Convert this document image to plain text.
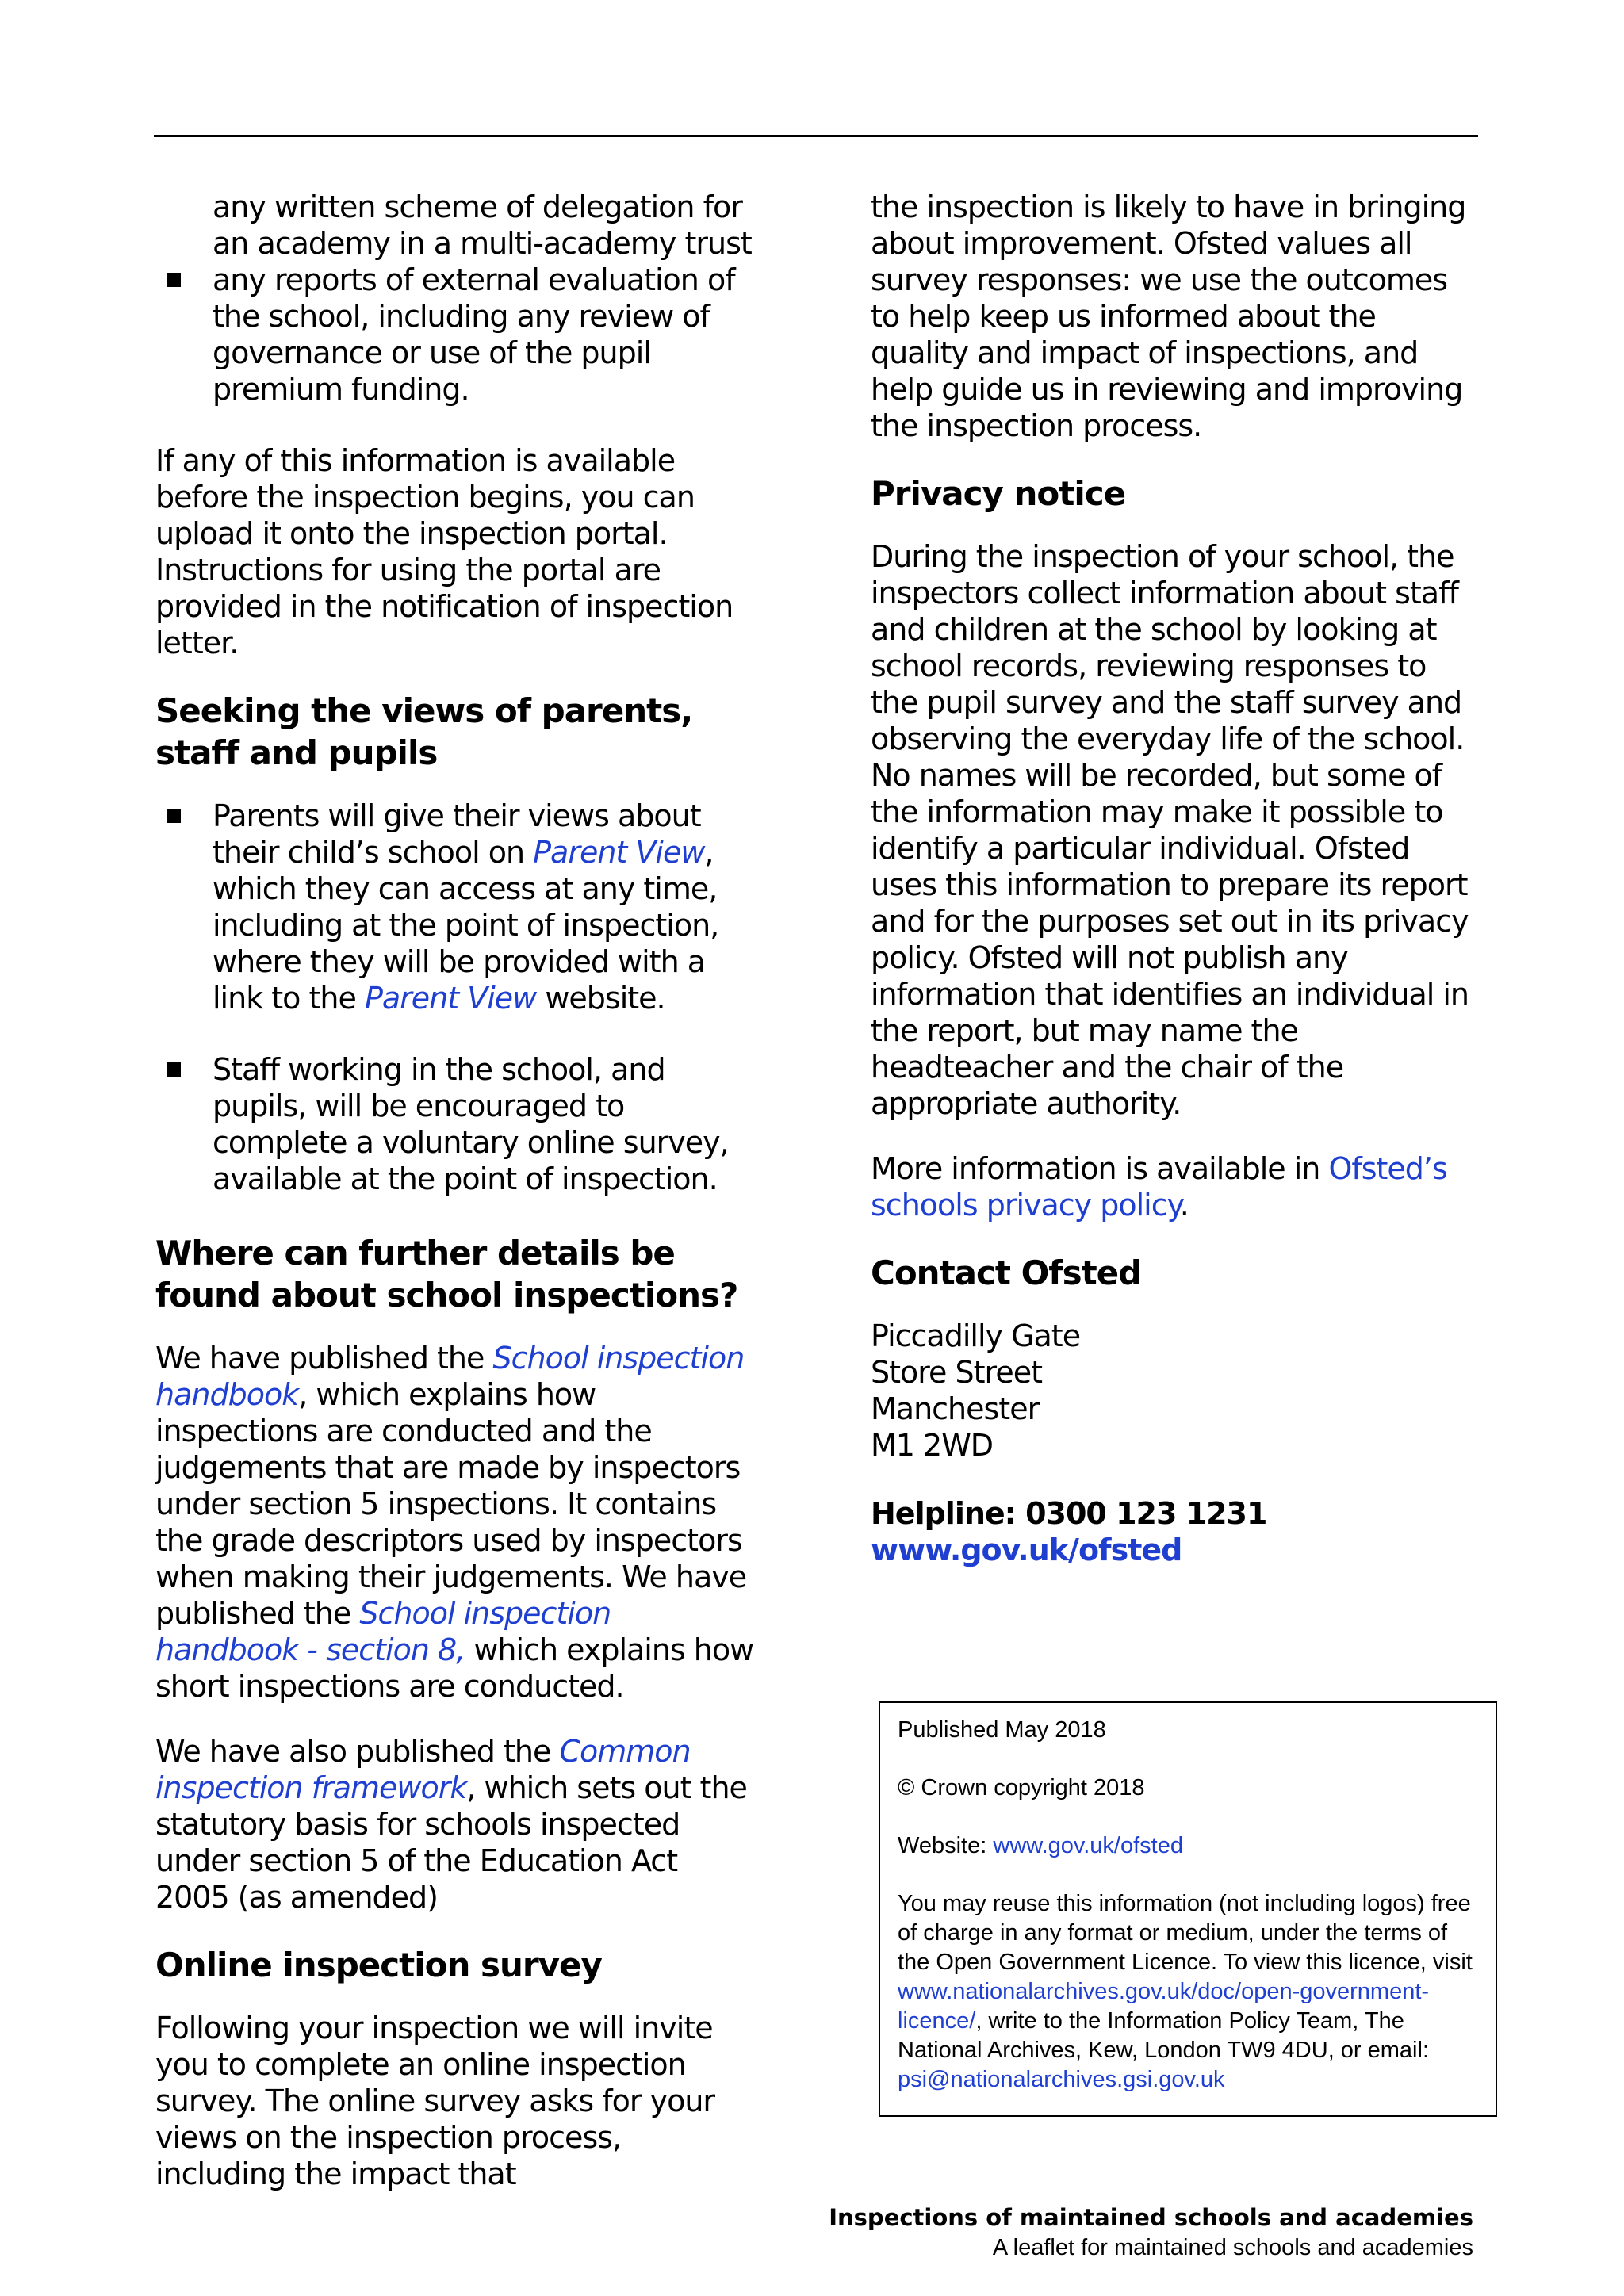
any written scheme of delegation for an academy in a multi-academy trust
any reports of external evaluation of the school, including any review of governance or use of the pupil premium funding.

If any of this information is available before the inspection begins, you can upload it onto the inspection portal. Instructions for using the portal are provided in the notification of inspection letter.

Seeking the views of parents, staff and pupils
Parents will give their views about their child’s school on Parent View, which they can access at any time, including at the point of inspection, where they will be provided with a link to the Parent View website.
Staff working in the school, and pupils, will be encouraged to complete a voluntary online survey, available at the point of inspection.
Where can further details be found about school inspections?

We have published the School inspection handbook, which explains how inspections are conducted and the judgements that are made by inspectors under section 5 inspections. It contains the grade descriptors used by inspectors when making their judgements. We have published the School inspection handbook - section 8, which explains how short inspections are conducted.

We have also published the Common inspection framework, which sets out the statutory basis for schools inspected under section 5 of the Education Act 2005 (as amended)

Online inspection survey

Following your inspection we will invite you to complete an online inspection survey. The online survey asks for your views on the inspection process, including the impact that

the inspection is likely to have in bringing about improvement. Ofsted values all survey responses: we use the outcomes to help keep us informed about the quality and impact of inspections, and help guide us in reviewing and improving the inspection process.

Privacy notice

During the inspection of your school, the inspectors collect information about staff and children at the school by looking at school records, reviewing responses to the pupil survey and the staff survey and observing the everyday life of the school. No names will be recorded, but some of the information may make it possible to identify a particular individual. Ofsted uses this information to prepare its report and for the purposes set out in its privacy policy. Ofsted will not publish any information that identifies an individual in the report, but may name the headteacher and the chair of the appropriate authority.

More information is available in Ofsted’s schools privacy policy.

Contact Ofsted
Piccadilly Gate
Store Street
Manchester
M1 2WD
Helpline: 0300 123 1231
www.gov.uk/ofsted

Published May 2018

© Crown copyright 2018

Website: www.gov.uk/ofsted

You may reuse this information (not including logos) free of charge in any format or medium, under the terms of the Open Government Licence. To view this licence, visit www.nationalarchives.gov.uk/doc/open-government-licence/, write to the Information Policy Team, The National Archives, Kew, London TW9 4DU, or email: psi@nationalarchives.gsi.gov.uk

Inspections of maintained schools and academies
A leaflet for maintained schools and academies
